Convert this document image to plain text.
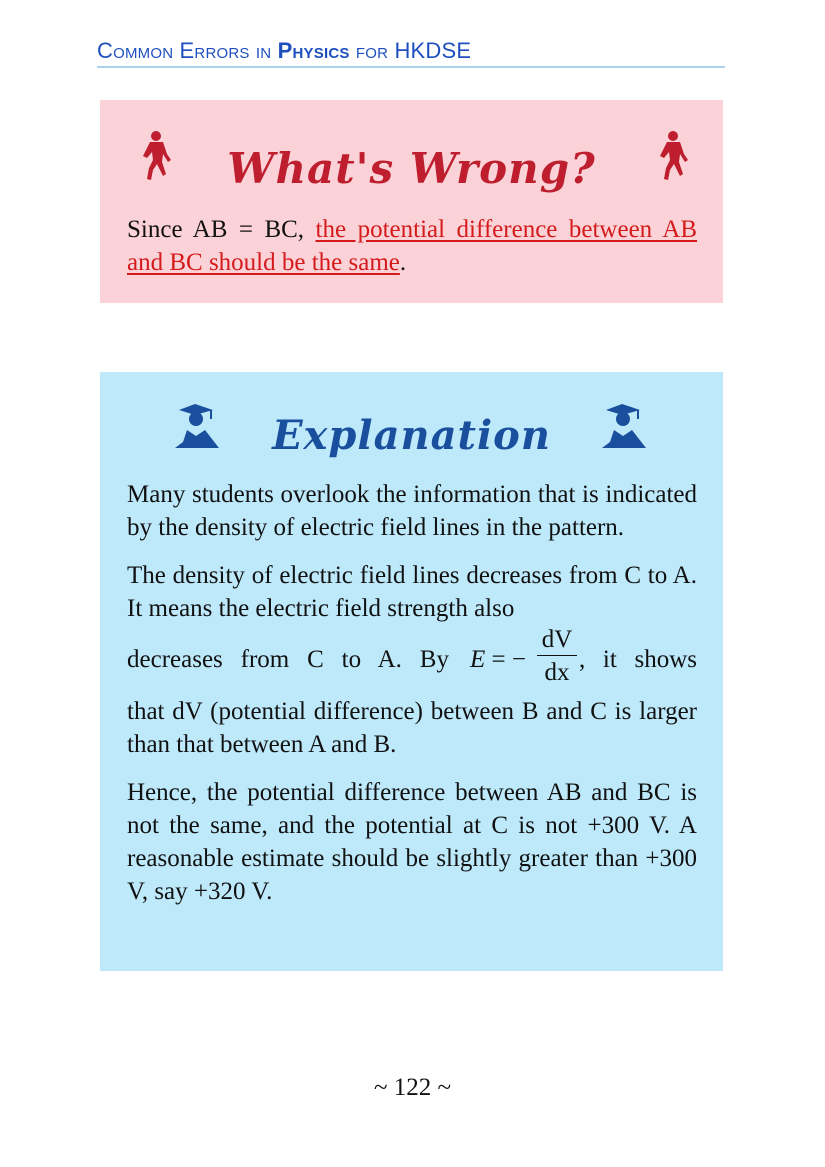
Common Errors in Physics for HKDSE
What's Wrong?
Since AB = BC, the potential difference between AB and BC should be the same.
Explanation

Many students overlook the information that is indicated by the density of electric field lines in the pattern.

The density of electric field lines decreases from C to A. It means the electric field strength also
decreases from C to A. By E = − $\frac{dV}{dx}$ , it shows
that dV (potential difference) between B and C is larger than that between A and B.

Hence, the potential difference between AB and BC is not the same, and the potential at C is not +300 V. A reasonable estimate should be slightly greater than +300 V, say +320 V.

~ 122 ~
